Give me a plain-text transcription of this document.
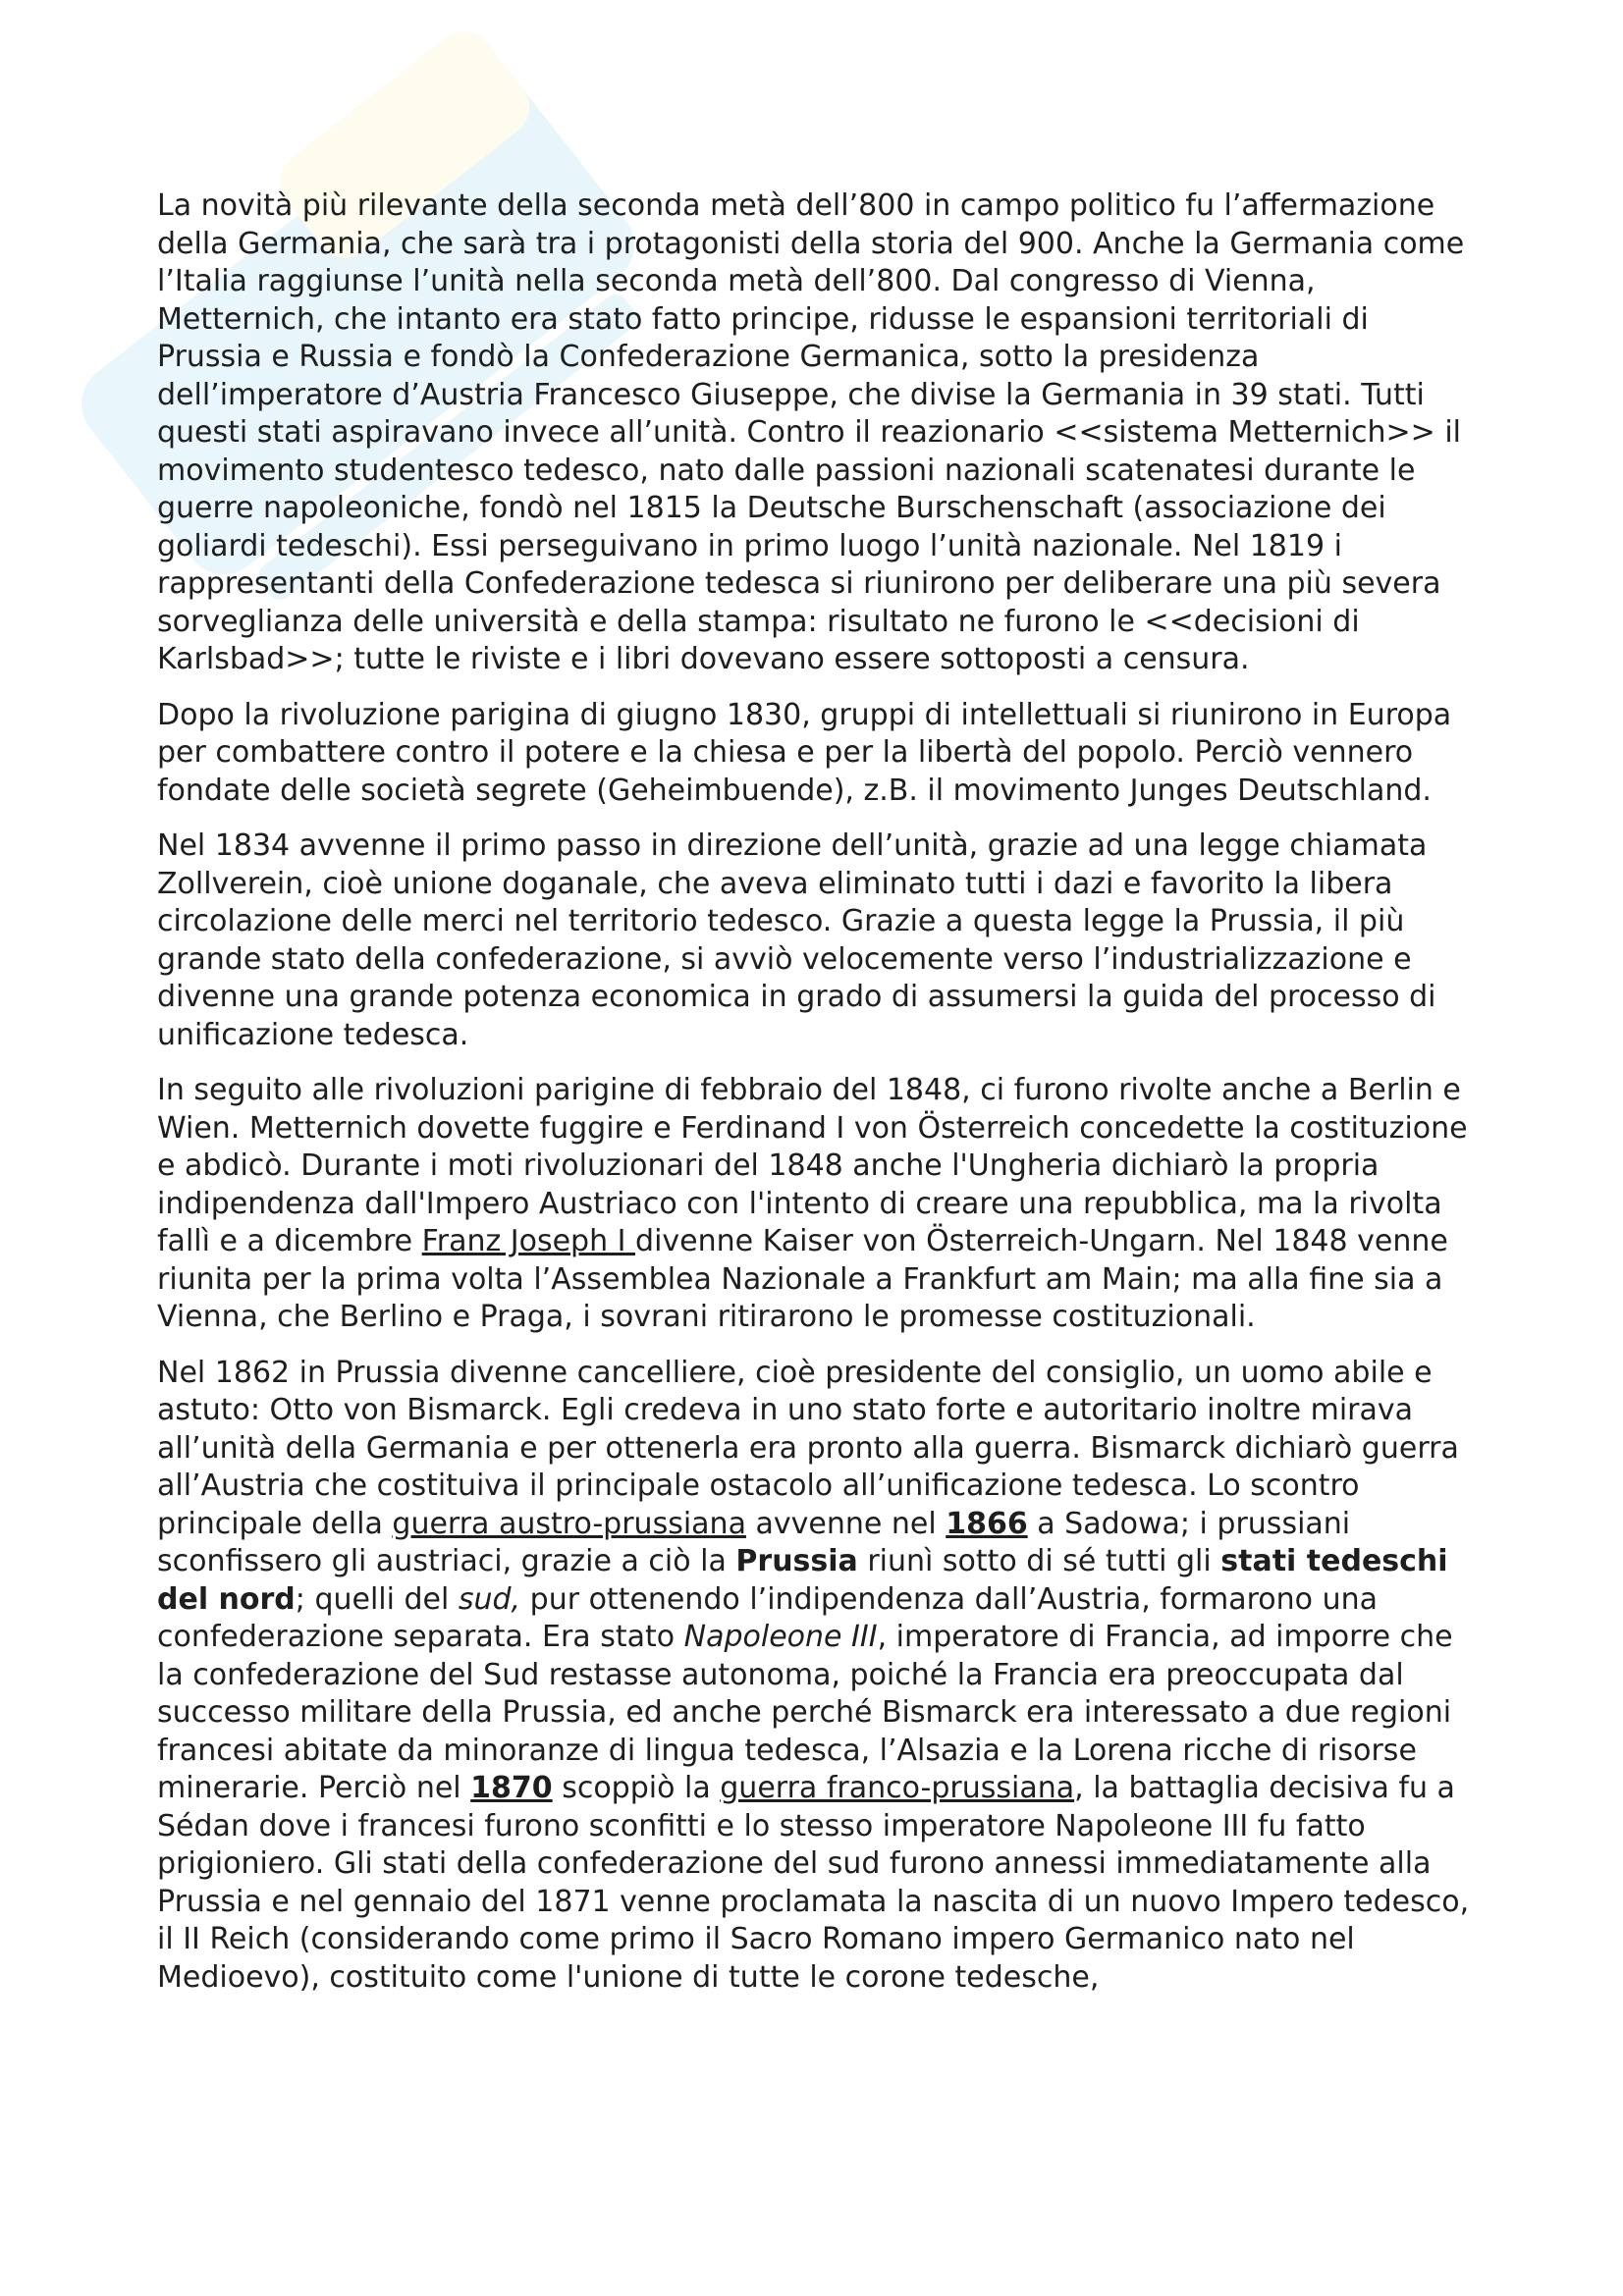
La novità più rilevante della seconda metà dell’800 in campo politico fu l’affermazione della Germania, che sarà tra i protagonisti della storia del 900. Anche la Germania come l’Italia raggiunse l’unità nella seconda metà dell’800. Dal congresso di Vienna, Metternich, che intanto era stato fatto principe, ridusse le espansioni territoriali di Prussia e Russia e fondò la Confederazione Germanica, sotto la presidenza dell’imperatore d’Austria Francesco Giuseppe, che divise la Germania in 39 stati. Tutti questi stati aspiravano invece all’unità. Contro il reazionario <<sistema Metternich>> il movimento studentesco tedesco, nato dalle passioni nazionali scatenatesi durante le guerre napoleoniche, fondò nel 1815 la Deutsche Burschenschaft (associazione dei goliardi tedeschi). Essi perseguivano in primo luogo l’unità nazionale. Nel 1819 i rappresentanti della Confederazione tedesca si riunirono per deliberare una più severa sorveglianza delle università e della stampa: risultato ne furono le <<decisioni di Karlsbad>>; tutte le riviste e i libri dovevano essere sottoposti a censura.

Dopo la rivoluzione parigina di giugno 1830, gruppi di intellettuali si riunirono in Europa per combattere contro il potere e la chiesa e per la libertà del popolo. Perciò vennero fondate delle società segrete (Geheimbuende), z.B. il movimento Junges Deutschland.

Nel 1834 avvenne il primo passo in direzione dell’unità, grazie ad una legge chiamata Zollverein, cioè unione doganale, che aveva eliminato tutti i dazi e favorito la libera circolazione delle merci nel territorio tedesco. Grazie a questa legge la Prussia, il più grande stato della confederazione, si avviò velocemente verso l’industrializzazione e divenne una grande potenza economica in grado di assumersi la guida del processo di unificazione tedesca.

In seguito alle rivoluzioni parigine di febbraio del 1848, ci furono rivolte anche a Berlin e Wien. Metternich dovette fuggire e Ferdinand I von Österreich concedette la costituzione e abdicò. Durante i moti rivoluzionari del 1848 anche l'Ungheria dichiarò la propria indipendenza dall'Impero Austriaco con l'intento di creare una repubblica, ma la rivolta fallì e a dicembre Franz Joseph I divenne Kaiser von Österreich-Ungarn. Nel 1848 venne riunita per la prima volta l’Assemblea Nazionale a Frankfurt am Main; ma alla fine sia a Vienna, che Berlino e Praga, i sovrani ritirarono le promesse costituzionali.

Nel 1862 in Prussia divenne cancelliere, cioè presidente del consiglio, un uomo abile e astuto: Otto von Bismarck. Egli credeva in uno stato forte e autoritario inoltre mirava all’unità della Germania e per ottenerla era pronto alla guerra. Bismarck dichiarò guerra all’Austria che costituiva il principale ostacolo all’unificazione tedesca. Lo scontro principale della guerra austro-prussiana avvenne nel 1866 a Sadowa; i prussiani sconfissero gli austriaci, grazie a ciò la Prussia riunì sotto di sé tutti gli stati tedeschi del nord; quelli del sud, pur ottenendo l’indipendenza dall’Austria, formarono una confederazione separata. Era stato Napoleone III, imperatore di Francia, ad imporre che la confederazione del Sud restasse autonoma, poiché la Francia era preoccupata dal successo militare della Prussia, ed anche perché Bismarck era interessato a due regioni francesi abitate da minoranze di lingua tedesca, l’Alsazia e la Lorena ricche di risorse minerarie. Perciò nel 1870 scoppiò la guerra franco-prussiana, la battaglia decisiva fu a Sédan dove i francesi furono sconfitti e lo stesso imperatore Napoleone III fu fatto prigioniero. Gli stati della confederazione del sud furono annessi immediatamente alla Prussia e nel gennaio del 1871 venne proclamata la nascita di un nuovo Impero tedesco, il II Reich (considerando come primo il Sacro Romano impero Germanico nato nel Medioevo), costituito come l'unione di tutte le corone tedesche,
